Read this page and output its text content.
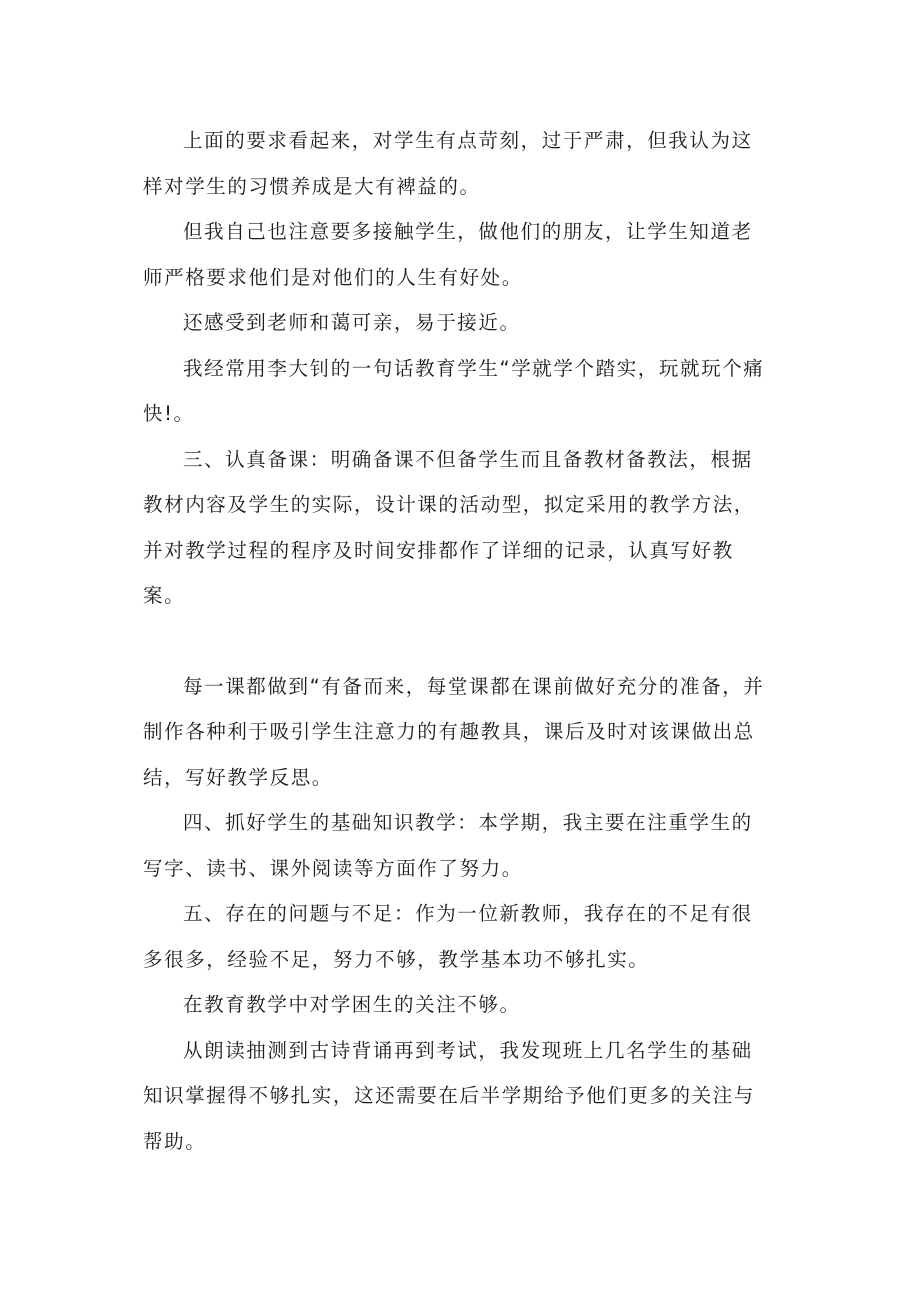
上面的要求看起来，对学生有点苛刻，过于严肃，但我认为这样对学生的习惯养成是大有裨益的。

但我自己也注意要多接触学生，做他们的朋友，让学生知道老师严格要求他们是对他们的人生有好处。

还感受到老师和蔼可亲，易于接近。

我经常用李大钊的一句话教育学生“学就学个踏实，玩就玩个痛快!。

三、认真备课：明确备课不但备学生而且备教材备教法，根据教材内容及学生的实际，设计课的活动型，拟定采用的教学方法，并对教学过程的程序及时间安排都作了详细的记录，认真写好教案。

每一课都做到“有备而来，每堂课都在课前做好充分的准备，并制作各种利于吸引学生注意力的有趣教具，课后及时对该课做出总结，写好教学反思。

四、抓好学生的基础知识教学：本学期，我主要在注重学生的写字、读书、课外阅读等方面作了努力。

五、存在的问题与不足：作为一位新教师，我存在的不足有很多很多，经验不足，努力不够，教学基本功不够扎实。

在教育教学中对学困生的关注不够。

从朗读抽测到古诗背诵再到考试，我发现班上几名学生的基础知识掌握得不够扎实，这还需要在后半学期给予他们更多的关注与帮助。
